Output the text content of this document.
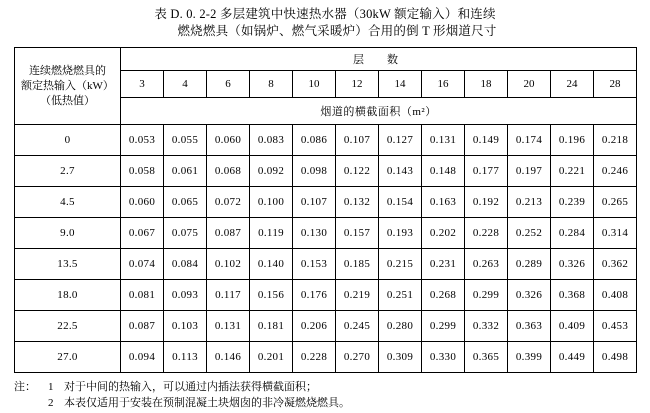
表 D. 0. 2-2 多层建筑中快速热水器（30kW 额定输入）和连续
燃烧燃具（如锅炉、燃气采暖炉）合用的倒 T 形烟道尺寸
连续燃烧燃具的
额定热输入（kW）
（低热值）	层　数											
	3	4	6	8	10	12	14	16	18	20	24	28
	烟道的横截面积（m²）											
0	0.053	0.055	0.060	0.083	0.086	0.107	0.127	0.131	0.149	0.174	0.196	0.218
2.7	0.058	0.061	0.068	0.092	0.098	0.122	0.143	0.148	0.177	0.197	0.221	0.246
4.5	0.060	0.065	0.072	0.100	0.107	0.132	0.154	0.163	0.192	0.213	0.239	0.265
9.0	0.067	0.075	0.087	0.119	0.130	0.157	0.193	0.202	0.228	0.252	0.284	0.314
13.5	0.074	0.084	0.102	0.140	0.153	0.185	0.215	0.231	0.263	0.289	0.326	0.362
18.0	0.081	0.093	0.117	0.156	0.176	0.219	0.251	0.268	0.299	0.326	0.368	0.408
22.5	0.087	0.103	0.131	0.181	0.206	0.245	0.280	0.299	0.332	0.363	0.409	0.453
27.0	0.094	0.113	0.146	0.201	0.228	0.270	0.309	0.330	0.365	0.399	0.449	0.498
注：	1 对于中间的热输入，可以通过内插法获得横截面积；
2 本表仅适用于安装在预制混凝土块烟囱的非冷凝燃烧燃具。
